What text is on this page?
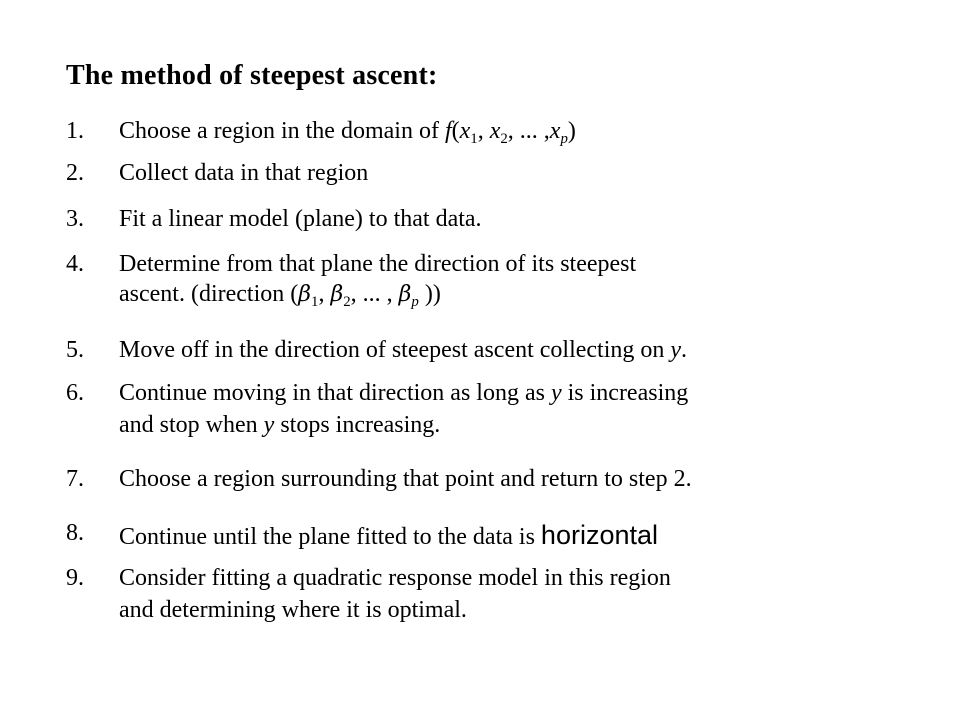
The method of steepest ascent:
1. Choose a region in the domain of $f(x_1$, $x_2$, ... $,x_p$)
2. Collect data in that region
3. Fit a linear model (plane) to that data.
4. Determine from that plane the direction of its steepest
ascent. (direction ($\beta_1$, $\beta_2$, ... , $\beta_p$ ))
5. Move off in the direction of steepest ascent collecting on y.
6. Continue moving in that direction as long as y is increasing
and stop when y stops increasing.
7. Choose a region surrounding that point and return to step 2.
8. Continue until the plane fitted to the data is horizontal
9. Consider fitting a quadratic response model in this region
and determining where it is optimal.
